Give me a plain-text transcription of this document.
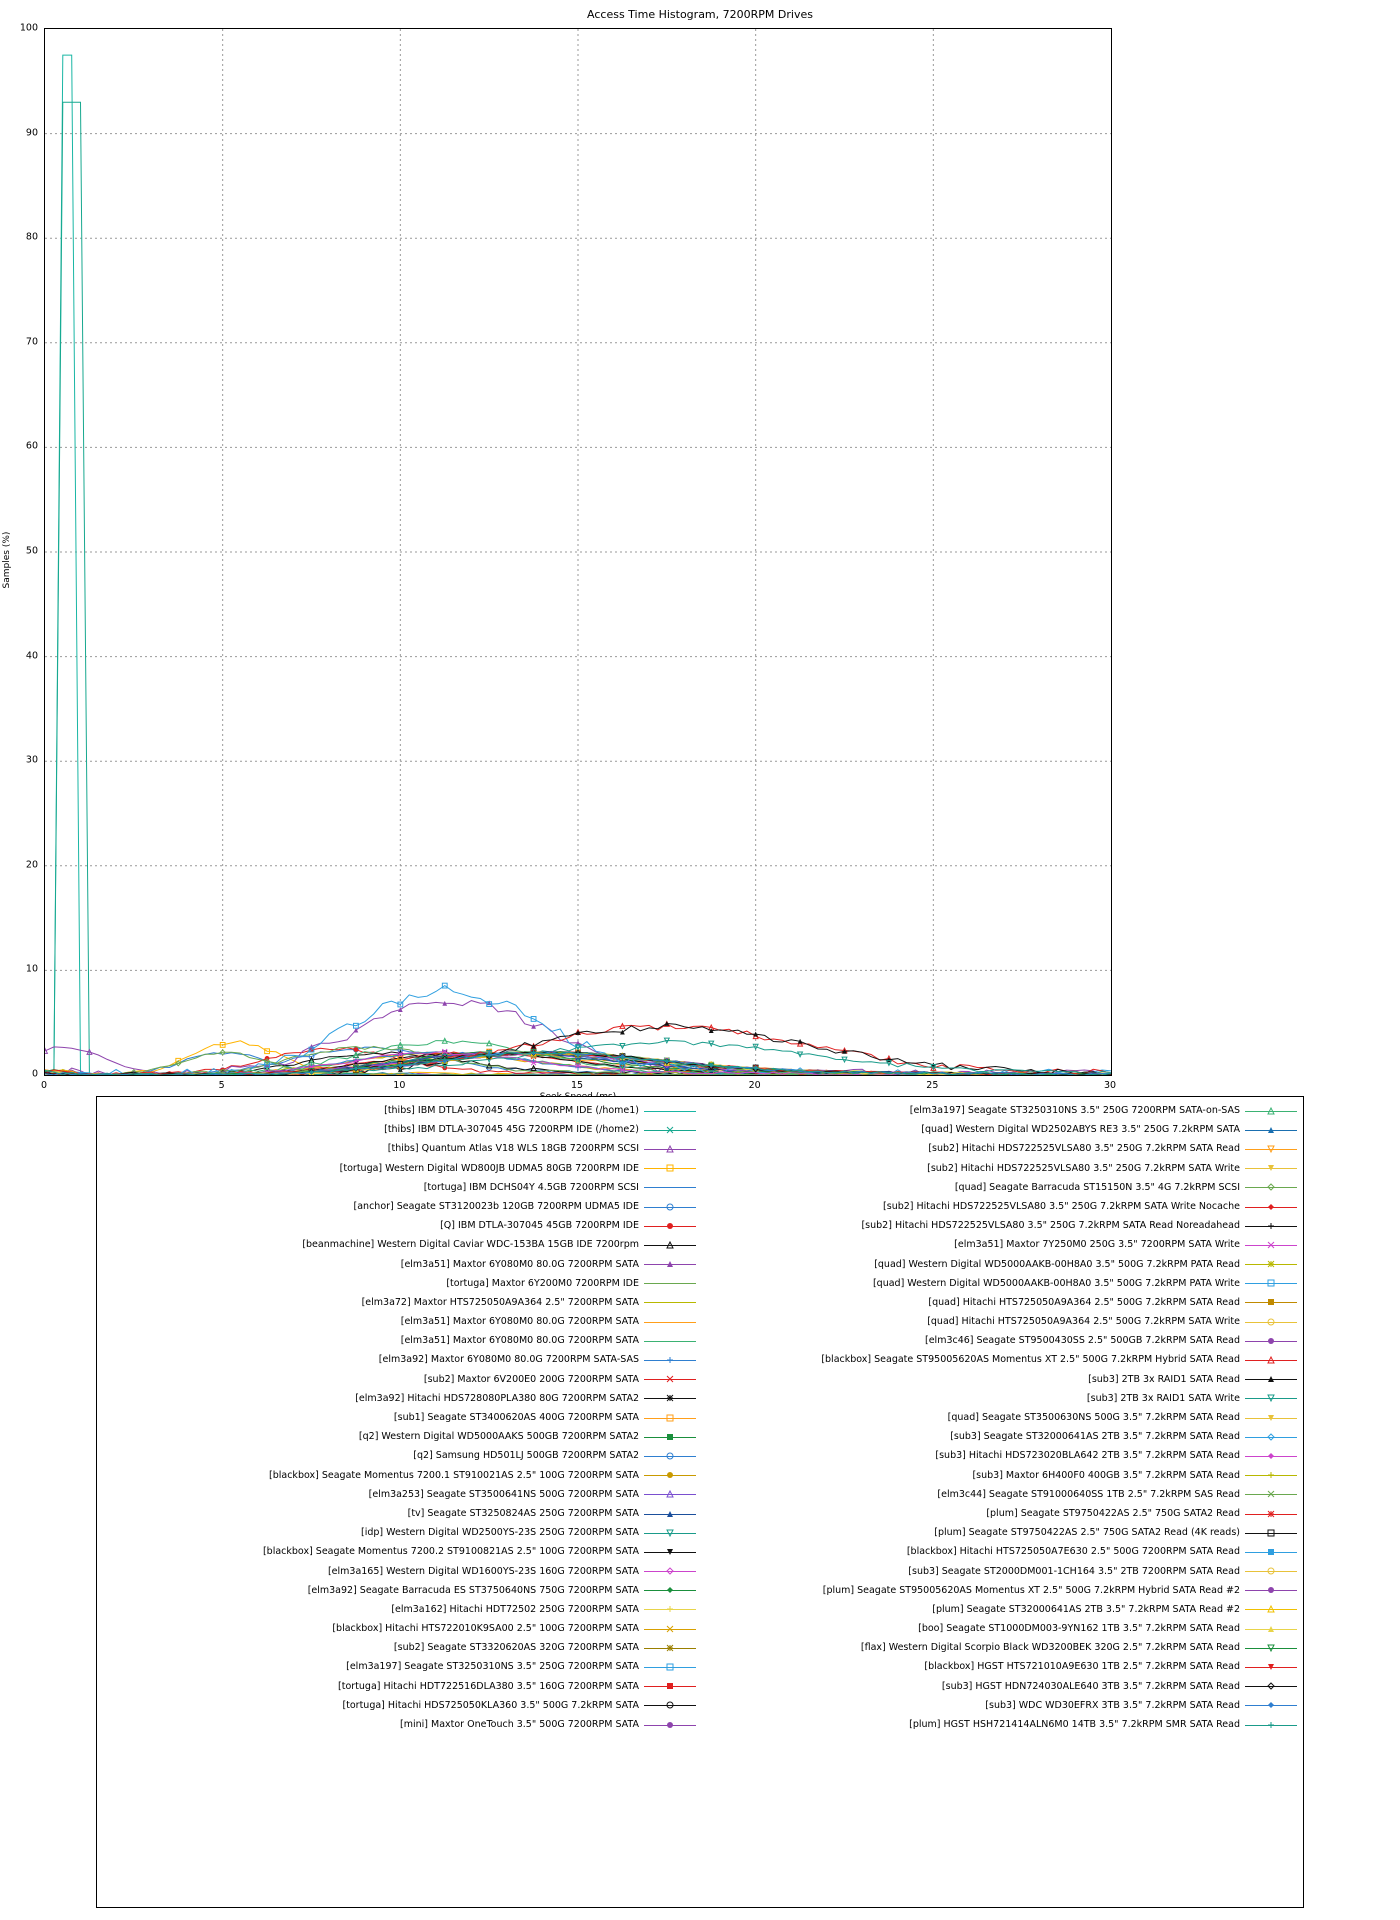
Access Time Histogram, 7200RPM Drives
Samples (%)
0	5	10	15	20	25	30
0
10
20
30
40
50
60
70
80
90
100
[thibs] IBM DTLA-307045 45G 7200RPM IDE (/home1)
[thibs] IBM DTLA-307045 45G 7200RPM IDE (/home2)
[thibs] Quantum Atlas V18 WLS 18GB 7200RPM SCSI
[tortuga] Western Digital WD800JB UDMA5 80GB 7200RPM IDE
[tortuga] IBM DCHS04Y 4.5GB 7200RPM SCSI
[anchor] Seagate ST3120023b 120GB 7200RPM UDMA5 IDE
[Q] IBM DTLA-307045 45GB 7200RPM IDE
[beanmachine] Western Digital Caviar WDC-153BA 15GB IDE 7200rpm
[elm3a51] Maxtor 6Y080M0 80.0G 7200RPM SATA
[tortuga] Maxtor 6Y200M0 7200RPM IDE
[elm3a72] Maxtor HTS725050A9A364 2.5" 7200RPM SATA
[elm3a51] Maxtor 6Y080M0 80.0G 7200RPM SATA
[elm3a51] Maxtor 6Y080M0 80.0G 7200RPM SATA
[elm3a92] Maxtor 6Y080M0 80.0G 7200RPM SATA-SAS
[sub2] Maxtor 6V200E0 200G 7200RPM SATA
[elm3a92] Hitachi HDS728080PLA380 80G 7200RPM SATA2
[sub1] Seagate ST3400620AS 400G 7200RPM SATA
[q2] Western Digital WD5000AAKS 500GB 7200RPM SATA2
[q2] Samsung HD501LJ 500GB 7200RPM SATA2
[blackbox] Seagate Momentus 7200.1 ST910021AS 2.5" 100G 7200RPM SATA
[elm3a253] Seagate ST3500641NS 500G 7200RPM SATA
[tv] Seagate ST3250824AS 250G 7200RPM SATA
[idp] Western Digital WD2500YS-23S 250G 7200RPM SATA
[blackbox] Seagate Momentus 7200.2 ST9100821AS 2.5" 100G 7200RPM SATA
[elm3a165] Western Digital WD1600YS-23S 160G 7200RPM SATA
[elm3a92] Seagate Barracuda ES ST3750640NS 750G 7200RPM SATA
[elm3a162] Hitachi HDT72502 250G 7200RPM SATA
[blackbox] Hitachi HTS722010K9SA00 2.5" 100G 7200RPM SATA
[sub2] Seagate ST3320620AS 320G 7200RPM SATA
[elm3a197] Seagate ST3250310NS 3.5" 250G 7200RPM SATA
[tortuga] Hitachi HDT722516DLA380 3.5" 160G 7200RPM SATA
[tortuga] Hitachi HDS725050KLA360 3.5" 500G 7.2kRPM SATA
[mini] Maxtor OneTouch 3.5" 500G 7200RPM SATA
[elm3a197] Seagate ST3250310NS 3.5" 250G 7200RPM SATA-on-SAS
[quad] Western Digital WD2502ABYS RE3 3.5" 250G 7.2kRPM SATA
[sub2] Hitachi HDS722525VLSA80 3.5" 250G 7.2kRPM SATA Read
[sub2] Hitachi HDS722525VLSA80 3.5" 250G 7.2kRPM SATA Write
[quad] Seagate Barracuda ST15150N 3.5" 4G 7.2kRPM SCSI
[sub2] Hitachi HDS722525VLSA80 3.5" 250G 7.2kRPM SATA Write Nocache
[sub2] Hitachi HDS722525VLSA80 3.5" 250G 7.2kRPM SATA Read Noreadahead
[elm3a51] Maxtor 7Y250M0 250G 3.5" 7200RPM SATA Write
[quad] Western Digital WD5000AAKB-00H8A0 3.5" 500G 7.2kRPM PATA Read
[quad] Western Digital WD5000AAKB-00H8A0 3.5" 500G 7.2kRPM PATA Write
[quad] Hitachi HTS725050A9A364 2.5" 500G 7.2kRPM SATA Read
[quad] Hitachi HTS725050A9A364 2.5" 500G 7.2kRPM SATA Write
[elm3c46] Seagate ST9500430SS 2.5" 500GB 7.2kRPM SATA Read
[blackbox] Seagate ST95005620AS Momentus XT 2.5" 500G 7.2kRPM Hybrid SATA Read
[sub3] 2TB 3x RAID1 SATA Read
[sub3] 2TB 3x RAID1 SATA Write
[quad] Seagate ST3500630NS 500G 3.5" 7.2kRPM SATA Read
[sub3] Seagate ST32000641AS 2TB 3.5" 7.2kRPM SATA Read
[sub3] Hitachi HDS723020BLA642 2TB 3.5" 7.2kRPM SATA Read
[sub3] Maxtor 6H400F0 400GB 3.5" 7.2kRPM SATA Read
[elm3c44] Seagate ST91000640SS 1TB 2.5" 7.2kRPM SAS Read
[plum] Seagate ST9750422AS 2.5" 750G SATA2 Read
[plum] Seagate ST9750422AS 2.5" 750G SATA2 Read (4K reads)
[blackbox] Hitachi HTS725050A7E630 2.5" 500G 7200RPM SATA Read
[sub3] Seagate ST2000DM001-1CH164 3.5" 2TB 7200RPM SATA Read
[plum] Seagate ST95005620AS Momentus XT 2.5" 500G 7.2kRPM Hybrid SATA Read #2
[plum] Seagate ST32000641AS 2TB 3.5" 7.2kRPM SATA Read #2
[boo] Seagate ST1000DM003-9YN162 1TB 3.5" 7.2kRPM SATA Read
[flax] Western Digital Scorpio Black WD3200BEK 320G 2.5" 7.2kRPM SATA Read
[blackbox] HGST HTS721010A9E630 1TB 2.5" 7.2kRPM SATA Read
[sub3] HGST HDN724030ALE640 3TB 3.5" 7.2kRPM SATA Read
[sub3] WDC WD30EFRX 3TB 3.5" 7.2kRPM SATA Read
[plum] HGST HSH721414ALN6M0 14TB 3.5" 7.2kRPM SMR SATA Read
